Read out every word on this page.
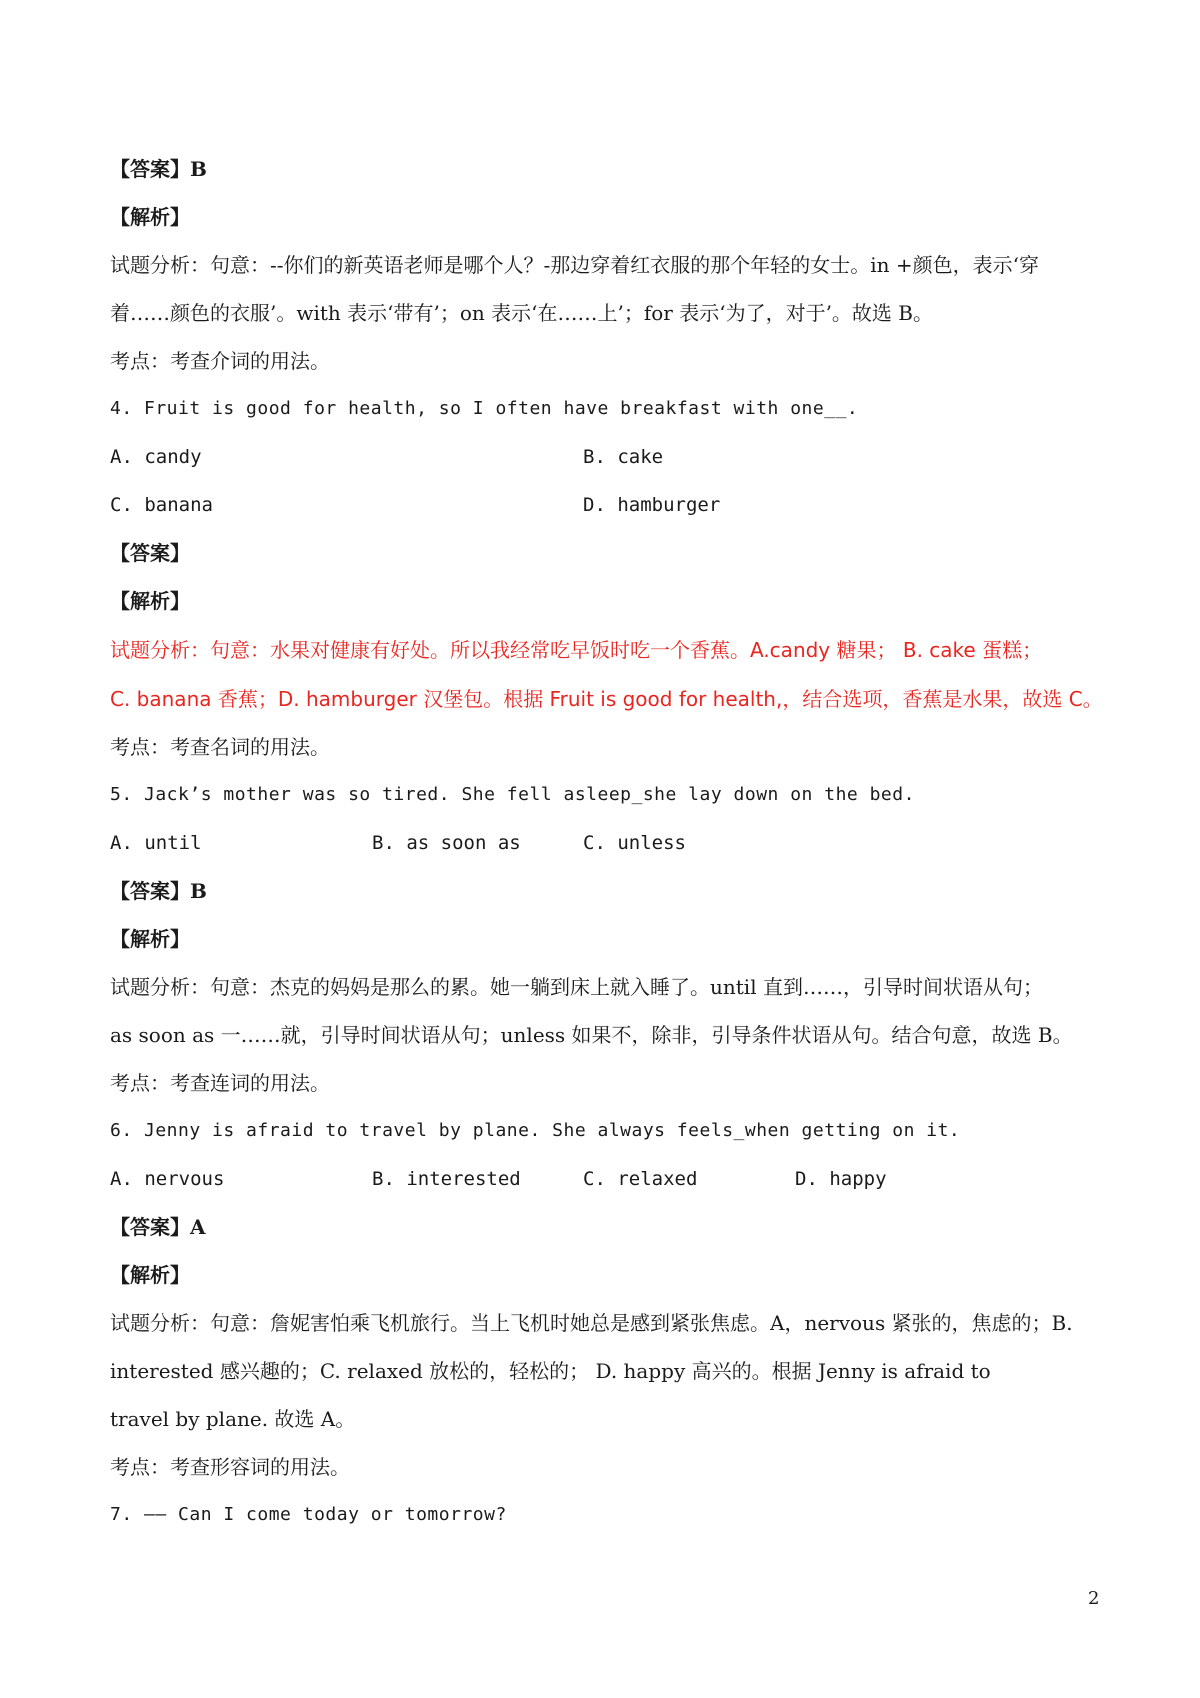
【答案】B
【解析】
试题分析：句意：--你们的新英语老师是哪个人？-那边穿着红衣服的那个年轻的女士。in +颜色，表示‘穿
着……颜色的衣服’。with 表示‘带有’；on 表示‘在……上’；for 表示‘为了，对于’。故选 B。
考点：考查介词的用法。
4. Fruit is good for health, so I often have breakfast with one__.
A. candy	B. cake
C. banana	D. hamburger
【答案】
【解析】
试题分析：句意：水果对健康有好处。所以我经常吃早饭时吃一个香蕉。A.candy 糖果； B. cake 蛋糕；
C. banana 香蕉；D. hamburger 汉堡包。根据 Fruit is good for health,，结合选项，香蕉是水果，故选 C。
考点：考查名词的用法。
5. Jack’s mother was so tired. She fell asleep_she lay down on the bed.
A. until	B. as soon as	C. unless
【答案】B
【解析】
试题分析：句意：杰克的妈妈是那么的累。她一躺到床上就入睡了。until 直到……，引导时间状语从句；
as soon as 一……就，引导时间状语从句；unless 如果不，除非，引导条件状语从句。结合句意，故选 B。
考点：考查连词的用法。
6. Jenny is afraid to travel by plane. She always feels_when getting on it.
A. nervous	B. interested	C. relaxed	D. happy
【答案】A
【解析】
试题分析：句意：詹妮害怕乘飞机旅行。当上飞机时她总是感到紧张焦虑。A，nervous 紧张的，焦虑的；B.
interested 感兴趣的；C. relaxed 放松的，轻松的； D. happy 高兴的。根据 Jenny is afraid to
travel by plane. 故选 A。
考点：考查形容词的用法。
7. —— Can I come today or tomorrow?
2
